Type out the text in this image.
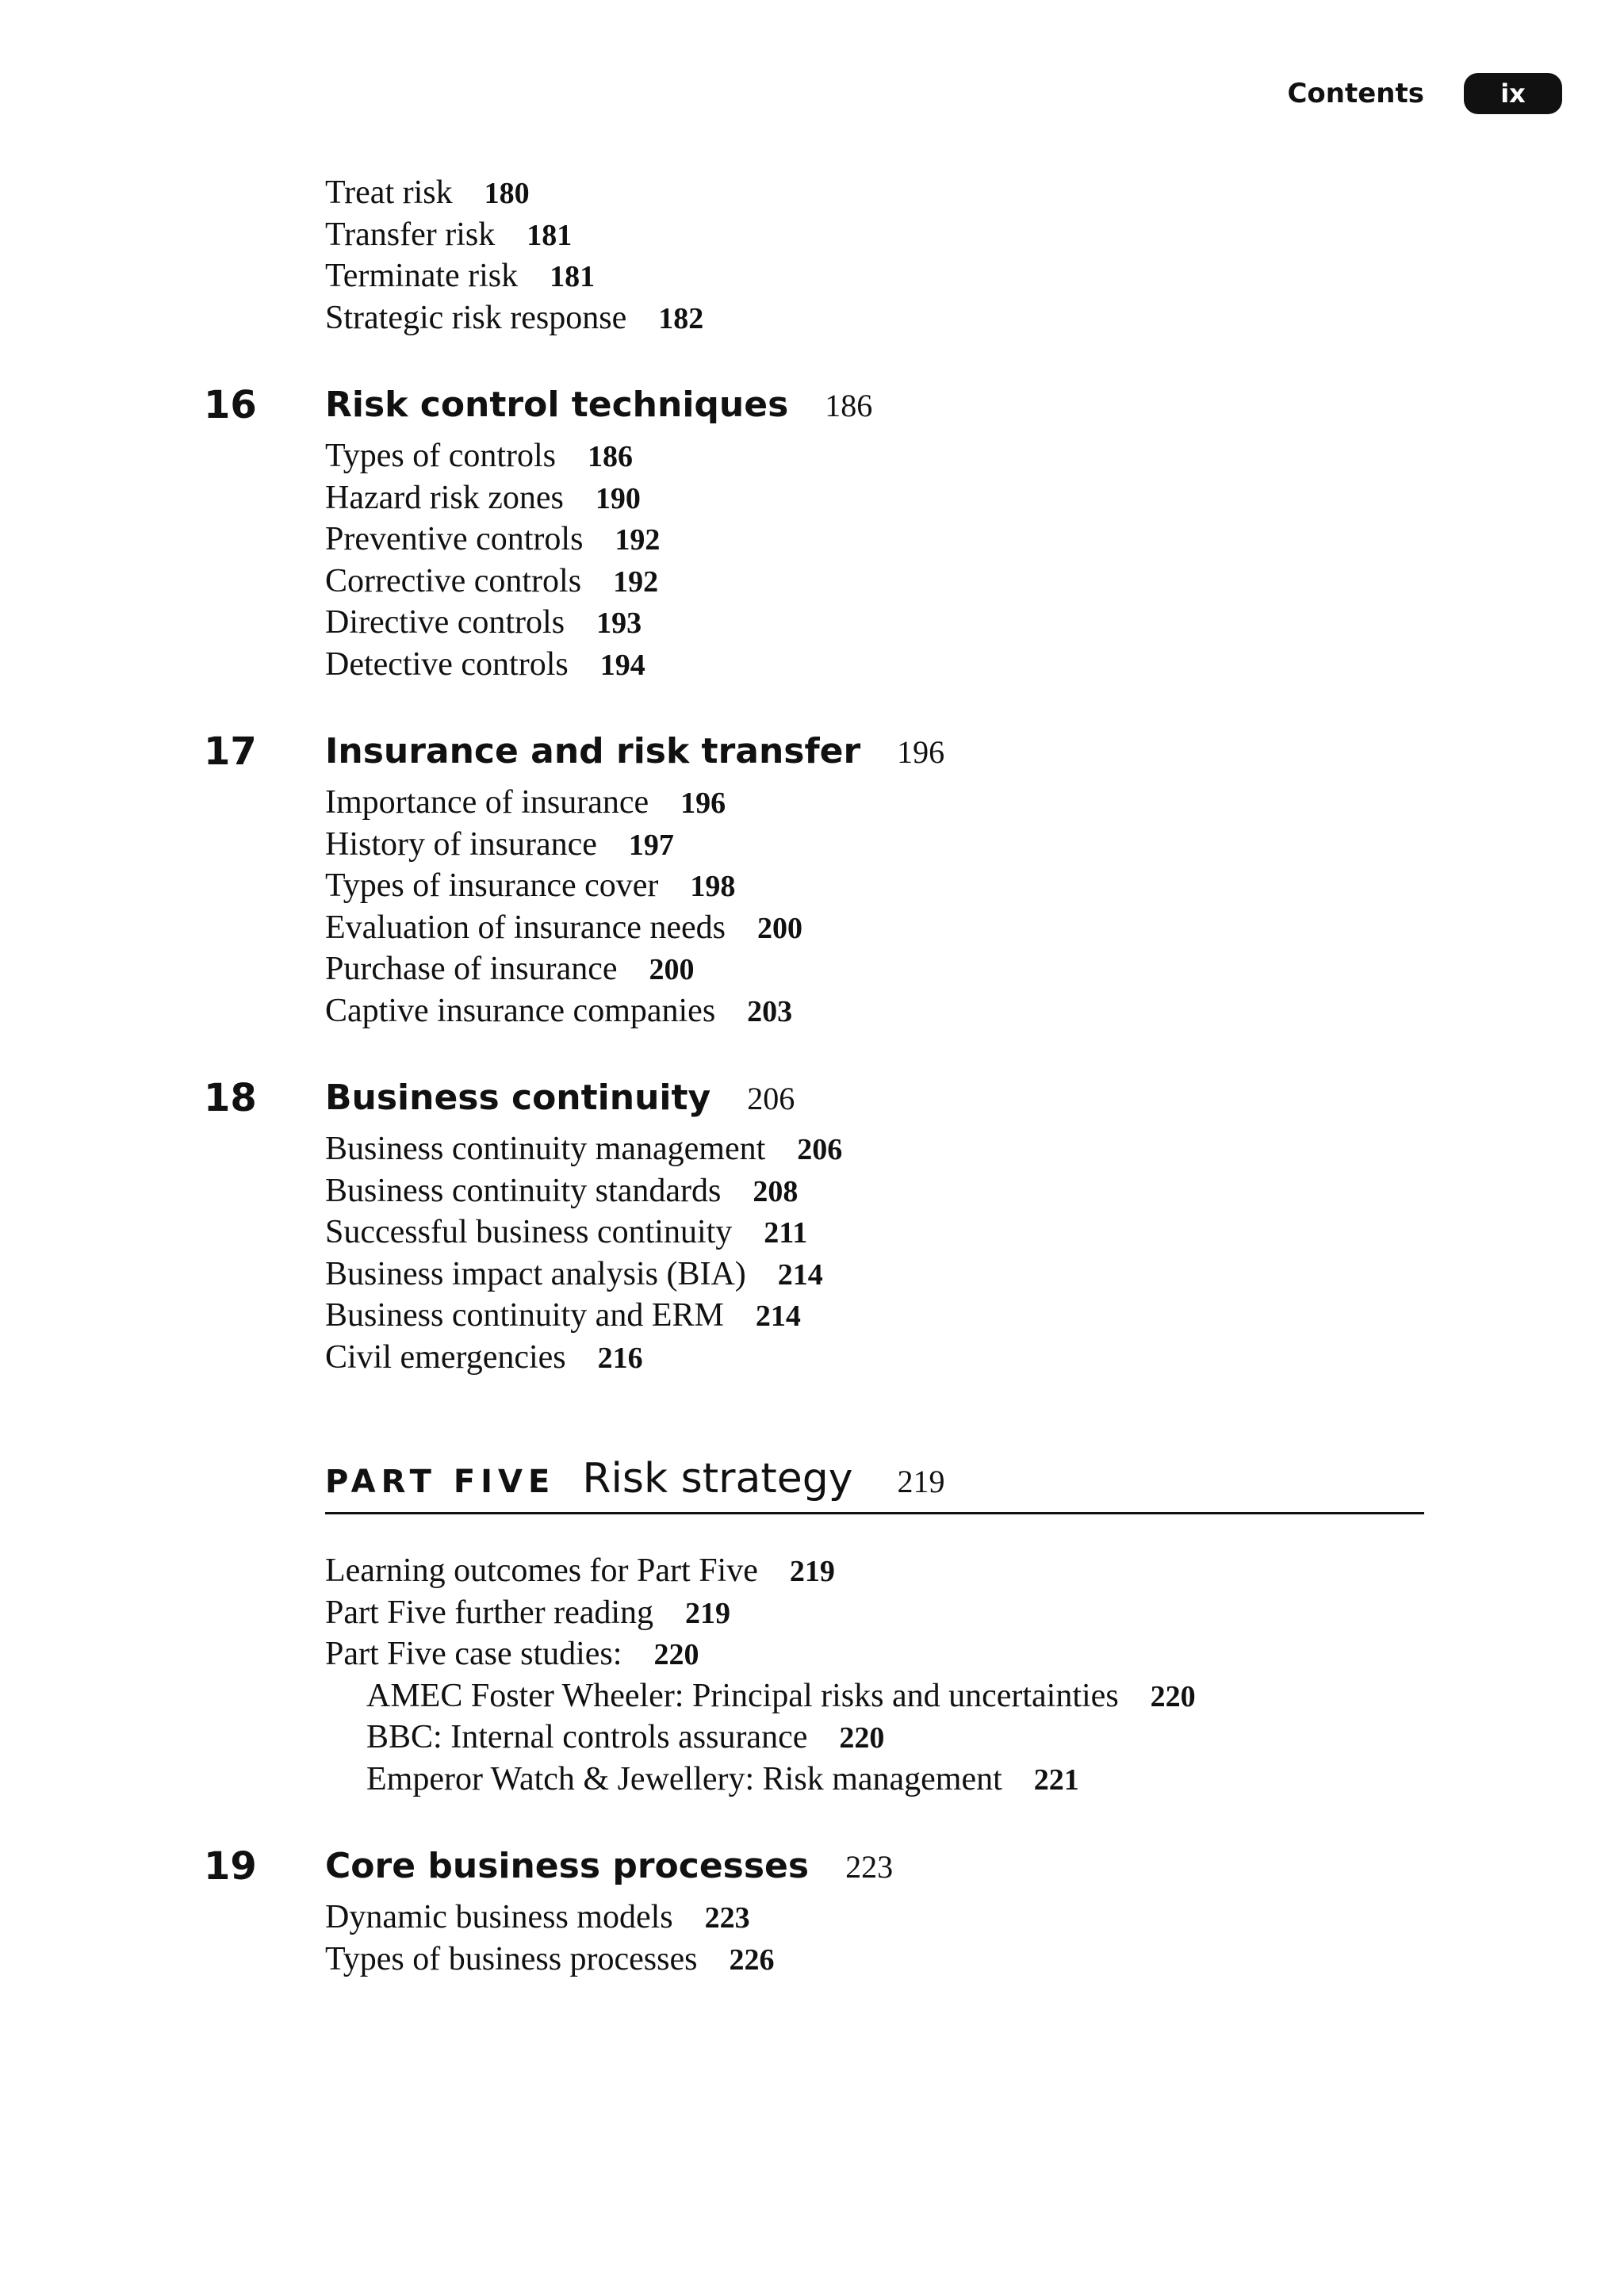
Contents	ix
Treat risk 180
Transfer risk 181
Terminate risk 181
Strategic risk response 182
16 Risk control techniques 186
Types of controls 186
Hazard risk zones 190
Preventive controls 192
Corrective controls 192
Directive controls 193
Detective controls 194
17 Insurance and risk transfer 196
Importance of insurance 196
History of insurance 197
Types of insurance cover 198
Evaluation of insurance needs 200
Purchase of insurance 200
Captive insurance companies 203
18 Business continuity 206
Business continuity management 206
Business continuity standards 208
Successful business continuity 211
Business impact analysis (BIA) 214
Business continuity and ERM 214
Civil emergencies 216
PART FIVE Risk strategy 219
Learning outcomes for Part Five 219
Part Five further reading 219
Part Five case studies: 220
AMEC Foster Wheeler: Principal risks and uncertainties 220
BBC: Internal controls assurance 220
Emperor Watch & Jewellery: Risk management 221
19 Core business processes 223
Dynamic business models 223
Types of business processes 226
